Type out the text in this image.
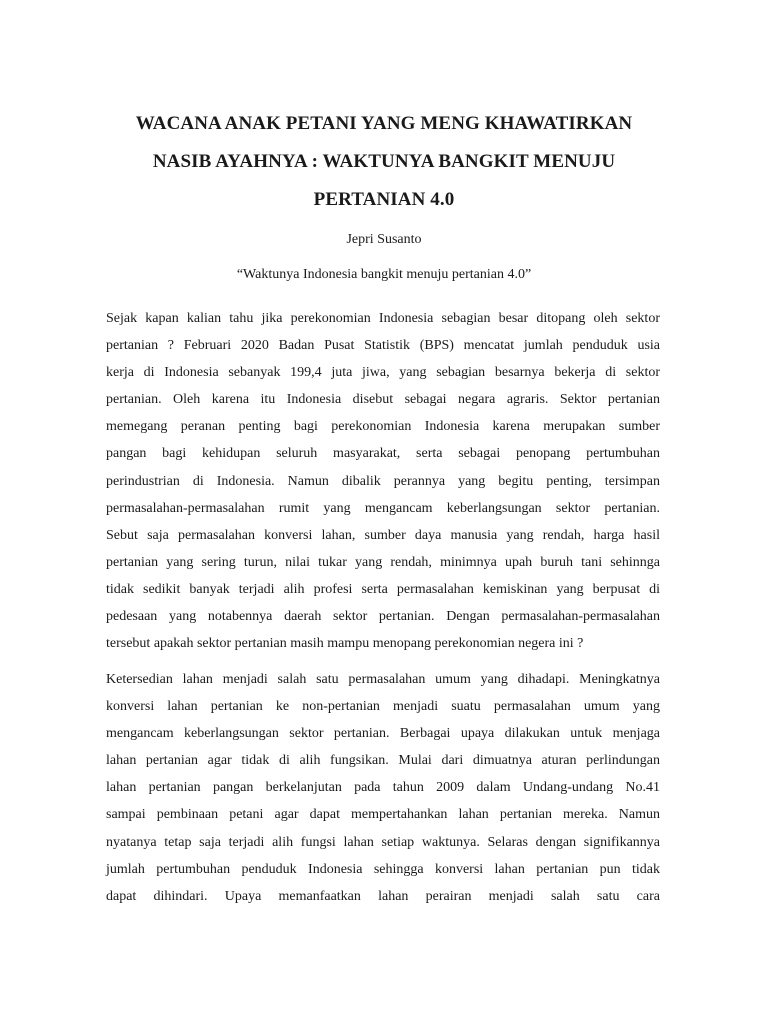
WACANA ANAK PETANI YANG MENG KHAWATIRKAN
NASIB AYAHNYA : WAKTUNYA BANGKIT MENUJU
PERTANIAN 4.0
Jepri Susanto
“Waktunya Indonesia bangkit menuju pertanian 4.0”
Sejak kapan kalian tahu jika perekonomian Indonesia sebagian besar ditopang oleh sektor
pertanian ? Februari 2020 Badan Pusat Statistik (BPS) mencatat jumlah penduduk usia
kerja di Indonesia sebanyak 199,4 juta jiwa, yang sebagian besarnya bekerja di sektor
pertanian. Oleh karena itu Indonesia disebut sebagai negara agraris. Sektor pertanian
memegang peranan penting bagi perekonomian Indonesia karena merupakan sumber
pangan bagi kehidupan seluruh masyarakat, serta sebagai penopang pertumbuhan
perindustrian di Indonesia. Namun dibalik perannya yang begitu penting, tersimpan
permasalahan-permasalahan rumit yang mengancam keberlangsungan sektor pertanian.
Sebut saja permasalahan konversi lahan, sumber daya manusia yang rendah, harga hasil
pertanian yang sering turun, nilai tukar yang rendah, minimnya upah buruh tani sehinnga
tidak sedikit banyak terjadi alih profesi serta permasalahan kemiskinan yang berpusat di
pedesaan yang notabennya daerah sektor pertanian. Dengan permasalahan-permasalahan
tersebut apakah sektor pertanian masih mampu menopang perekonomian negera ini ?
Ketersedian lahan menjadi salah satu permasalahan umum yang dihadapi. Meningkatnya
konversi lahan pertanian ke non-pertanian menjadi suatu permasalahan umum yang
mengancam keberlangsungan sektor pertanian. Berbagai upaya dilakukan untuk menjaga
lahan pertanian agar tidak di alih fungsikan. Mulai dari dimuatnya aturan perlindungan
lahan pertanian pangan berkelanjutan pada tahun 2009 dalam Undang-undang No.41
sampai pembinaan petani agar dapat mempertahankan lahan pertanian mereka. Namun
nyatanya tetap saja terjadi alih fungsi lahan setiap waktunya. Selaras dengan signifikannya
jumlah pertumbuhan penduduk Indonesia sehingga konversi lahan pertanian pun tidak
dapat dihindari. Upaya memanfaatkan lahan perairan menjadi salah satu cara
